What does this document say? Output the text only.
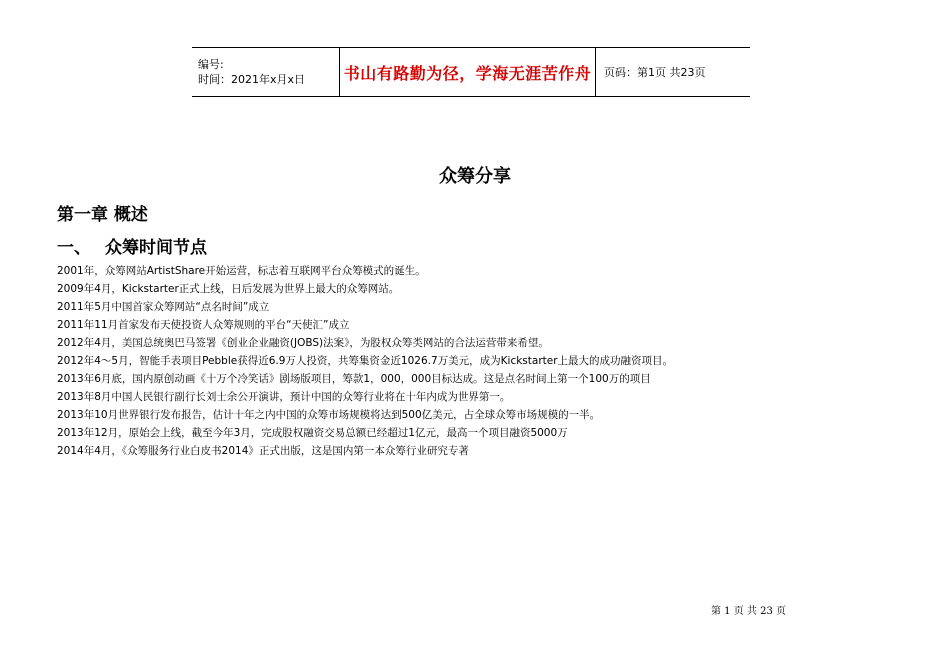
编号:
时间：2021年x月x日	书山有路勤为径，学海无涯苦作舟 页码：第1页 共23页
众筹分享
第一章 概述
一、 众筹时间节点
2001年，众筹网站ArtistShare开始运营，标志着互联网平台众筹模式的诞生。
2009年4月，Kickstarter正式上线，日后发展为世界上最大的众筹网站。
2011年5月中国首家众筹网站“点名时间”成立
2011年11月首家发布天使投资人众筹规则的平台“天使汇”成立
2012年4月，美国总统奥巴马签署《创业企业融资(JOBS)法案》，为股权众筹类网站的合法运营带来希望。
2012年4～5月，智能手表项目Pebble获得近6.9万人投资，共筹集资金近1026.7万美元，成为Kickstarter上最大的成功融资项目。
2013年6月底，国内原创动画《十万个冷笑话》剧场版项目，筹款1，000，000目标达成。这是点名时间上第一个100万的项目
2013年8月中国人民银行副行长刘士余公开演讲，预计中国的众筹行业将在十年内成为世界第一。
2013年10月世界银行发布报告，估计十年之内中国的众筹市场规模将达到500亿美元，占全球众筹市场规模的一半。
2013年12月，原始会上线，截至今年3月，完成股权融资交易总额已经超过1亿元，最高一个项目融资5000万
2014年4月，《众筹服务行业白皮书2014》正式出版，这是国内第一本众筹行业研究专著
第 1 页 共 23 页
